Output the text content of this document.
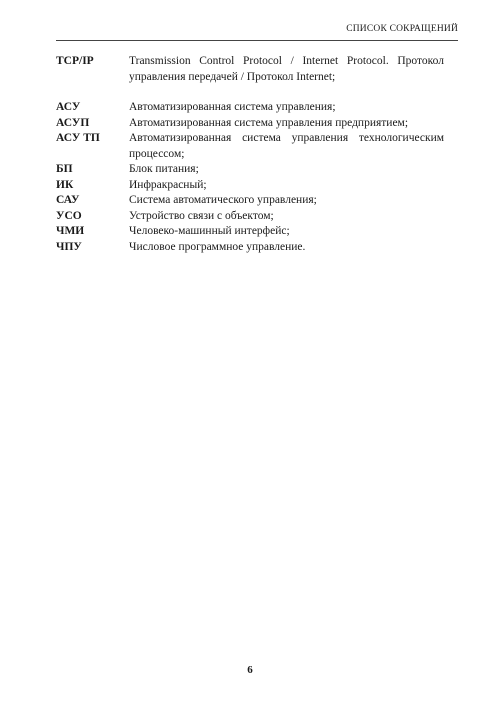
СПИСОК СОКРАЩЕНИЙ
TCP/IP	Transmission Control Protocol / Internet Protocol. Протокол управления передачей / Протокол Internet;
АСУ	Автоматизированная система управления;
АСУП	Автоматизированная система управления предприятием;
АСУ ТП	Автоматизированная система управления технологическим процессом;
БП	Блок питания;
ИК	Инфракрасный;
САУ	Система автоматического управления;
УСО	Устройство связи с объектом;
ЧМИ	Человеко-машинный интерфейс;
ЧПУ	Числовое программное управление.
6
